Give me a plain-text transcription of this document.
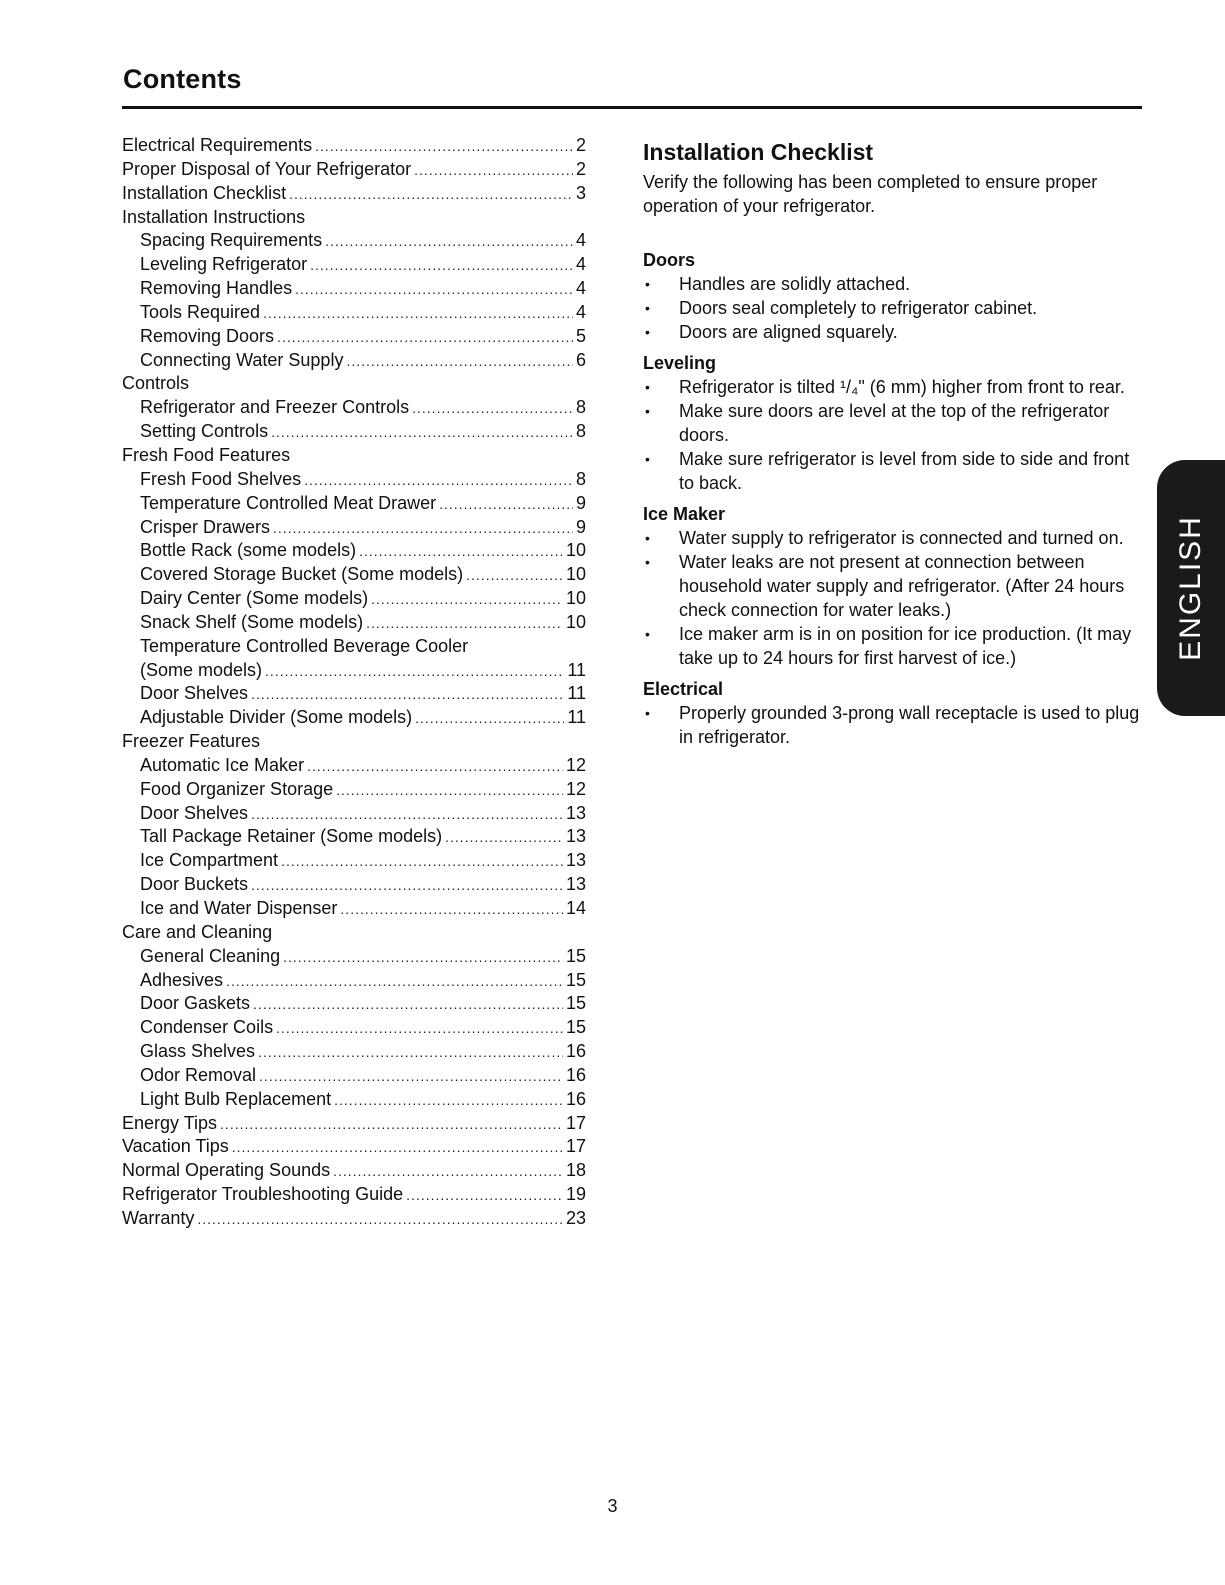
Contents
Electrical Requirements .....	2
Proper Disposal of Your Refrigerator .....	2
Installation Checklist .....	3
Installation Instructions
Spacing Requirements .....	4
Leveling Refrigerator .....	4
Removing Handles .....	4
Tools Required .....	4
Removing Doors .....	5
Connecting Water Supply .....	6
Controls
Refrigerator and Freezer Controls .....	8
Setting Controls .....	8
Fresh Food Features
Fresh Food Shelves .....	8
Temperature Controlled Meat Drawer .....	9
Crisper Drawers .....	9
Bottle Rack (some models) .....	10
Covered Storage Bucket (Some models) .....	10
Dairy Center (Some models) .....	10
Snack Shelf (Some models) .....	10
Temperature Controlled Beverage Cooler
(Some models) .....	11
Door Shelves .....	11
Adjustable Divider (Some models) .....	11
Freezer Features
Automatic Ice Maker .....	12
Food Organizer Storage .....	12
Door Shelves .....	13
Tall Package Retainer (Some models) .....	13
Ice Compartment .....	13
Door Buckets .....	13
Ice and Water Dispenser .....	14
Care and Cleaning
General Cleaning .....	15
Adhesives .....	15
Door Gaskets .....	15
Condenser Coils .....	15
Glass Shelves .....	16
Odor Removal .....	16
Light Bulb Replacement .....	16
Energy Tips .....	17
Vacation Tips .....	17
Normal Operating Sounds .....	18
Refrigerator Troubleshooting Guide .....	19
Warranty .....	23
Installation Checklist

Verify the following has been completed to ensure proper operation of your refrigerator.

Doors
• Handles are solidly attached.
• Doors seal completely to refrigerator cabinet.
• Doors are aligned squarely.
Leveling
• Refrigerator is tilted ¹/₄" (6 mm) higher from front to rear.
• Make sure doors are level at the top of the refrigerator doors.
• Make sure refrigerator is level from side to side and front to back.
Ice Maker
• Water supply to refrigerator is connected and turned on.
• Water leaks are not present at connection between household water supply and refrigerator. (After 24 hours check connection for water leaks.)
• Ice maker arm is in on position for ice production. (It may take up to 24 hours for first harvest of ice.)
Electrical
• Properly grounded 3-prong wall receptacle is used to plug in refrigerator.
ENGLISH
3
